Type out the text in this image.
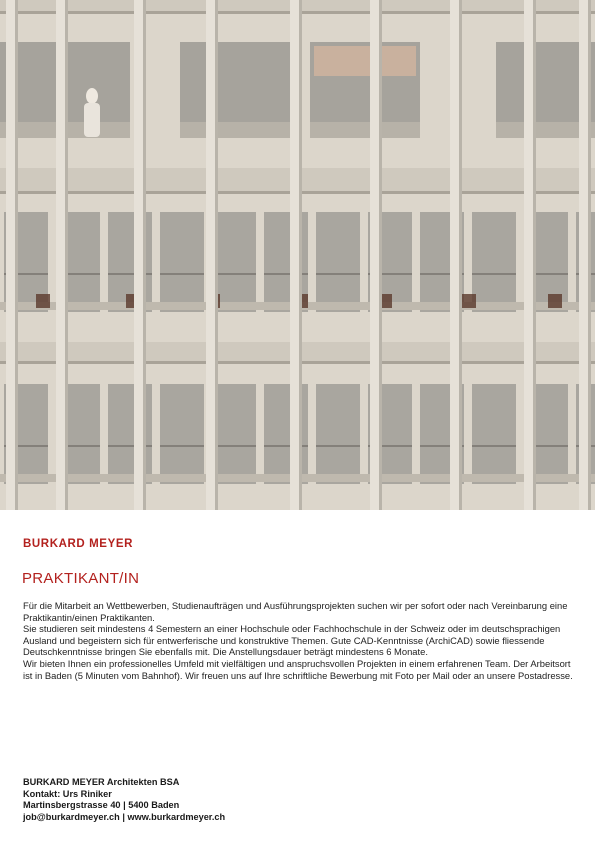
BURKARD MEYER
PRAKTIKANT/IN

Für die Mitarbeit an Wettbewerben, Studienaufträgen und Ausführungsprojekten suchen wir per sofort oder nach Vereinbarung eine Praktikantin/einen Praktikanten.

Sie studieren seit mindestens 4 Semestern an einer Hochschule oder Fachhochschule in der Schweiz oder im deutschsprachigen Ausland und begeistern sich für entwerferische und konstruktive Themen. Gute CAD-Kenntnisse (ArchiCAD) sowie fliessende Deutschkenntnisse bringen Sie ebenfalls mit. Die Anstellungsdauer beträgt mindestens 6 Monate.

Wir bieten Ihnen ein professionelles Umfeld mit vielfältigen und anspruchsvollen Projekten in einem erfahrenen Team. Der Arbeitsort ist in Baden (5 Minuten vom Bahnhof). Wir freuen uns auf Ihre schriftliche Bewerbung mit Foto per Mail oder an unsere Postadresse.

BURKARD MEYER Architekten BSA
Kontakt: Urs Riniker
Martinsbergstrasse 40 | 5400 Baden
job@burkardmeyer.ch | www.burkardmeyer.ch
